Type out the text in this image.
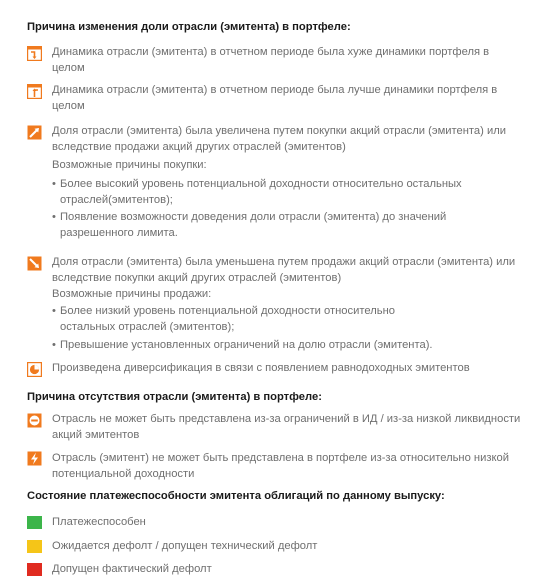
Причина изменения доли отрасли (эмитента) в портфеле:
Динамика отрасли (эмитента) в отчетном периоде была хуже динамики портфеля в целом
Динамика отрасли (эмитента) в отчетном периоде была лучше динамики портфеля в целом
Доля отрасли (эмитента) была увеличена путем покупки акций отрасли (эмитента) или вследствие продажи акций других отраслей (эмитентов)
Возможные причины покупки:
• Более высокий уровень потенциальной доходности относительно остальных отраслей(эмитентов);
• Появление возможности доведения доли отрасли (эмитента) до значений разрешенного лимита.
Доля отрасли (эмитента) была уменьшена путем продажи акций отрасли (эмитента) или вследствие покупки акций других отраслей (эмитентов)
Возможные причины продажи:
• Более низкий уровень потенциальной доходности относительно остальных отраслей (эмитентов);
• Превышение установленных ограничений на долю отрасли (эмитента).
Произведена диверсификация в связи с появлением равнодоходных эмитентов
Причина отсутствия отрасли (эмитента) в портфеле:
Отрасль не может быть представлена из-за ограничений в ИД / из-за низкой ликвидности акций эмитентов
Отрасль (эмитент) не может быть представлена в портфеле из-за относительно низкой потенциальной доходности
Состояние платежеспособности эмитента облигаций по данному выпуску:
Платежеспособен
Ожидается дефолт / допущен технический дефолт
Допущен фактический дефолт
